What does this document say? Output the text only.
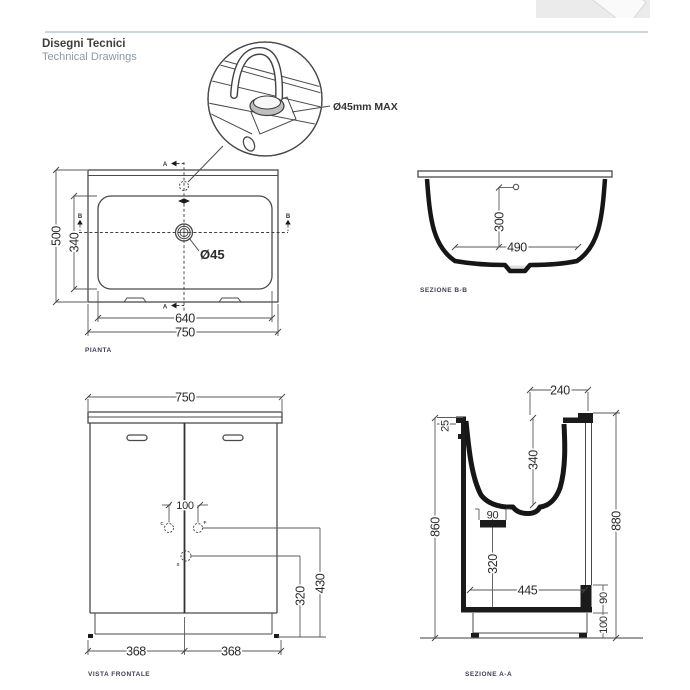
Disegni Tecnici
Technical Drawings
Ø45mm MAX
Ø45
A
A
B	B
500 340
640
750
PIANTA
300
490
SEZIONE B-B
750
100
C	F
S
430
320
368	368
VISTA FRONTALE
240
25
340
860	880
90
320
445
90
100
SEZIONE A-A
